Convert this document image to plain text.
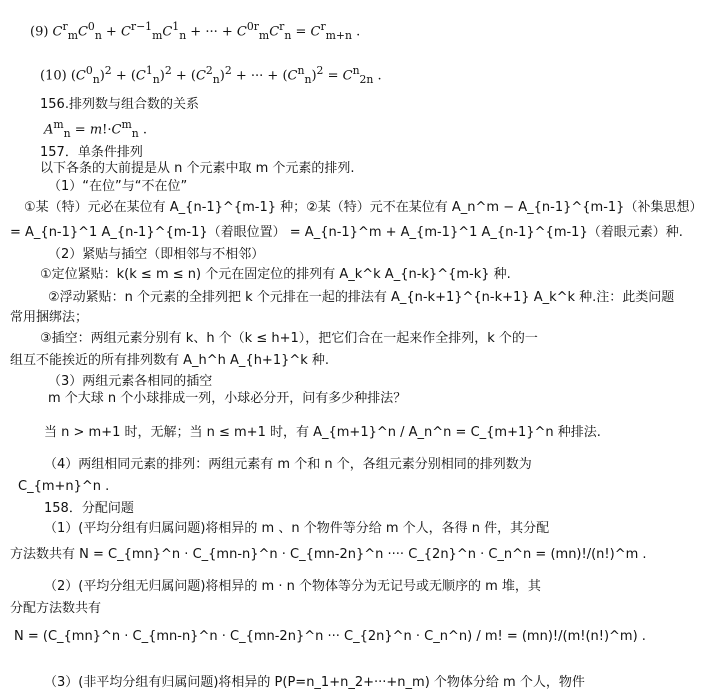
(9) $C^r_mC^0_n + C^{r-1}_mC^1_n$ + ··· + $C^{0r}_mC^r_n = C^r_{m+n}$ .
(10) $(C^0_n)^2 + (C^1_n)^2 + (C^2_n)^2$ + ··· + $(C^n_n)^2 = C^n_{2n}$ .
156.排列数与组合数的关系
$A^m_n = m!\cdot C^m_n$ .
157．单条件排列
以下各条的大前提是从 n 个元素中取 m 个元素的排列.
（1）“在位”与“不在位”
①某（特）元必在某位有 A_{n-1}^{m-1} 种；②某（特）元不在某位有 A_n^m − A_{n-1}^{m-1}（补集思想）
= A_{n-1}^1 A_{n-1}^{m-1}（着眼位置） = A_{n-1}^m + A_{m-1}^1 A_{n-1}^{m-1}（着眼元素）种.
（2）紧贴与插空（即相邻与不相邻）
①定位紧贴：k(k ≤ m ≤ n) 个元在固定位的排列有 A_k^k A_{n-k}^{m-k} 种.
②浮动紧贴：n 个元素的全排列把 k 个元排在一起的排法有 A_{n-k+1}^{n-k+1} A_k^k 种.注：此类问题
常用捆绑法；
③插空：两组元素分别有 k、h 个（k ≤ h+1），把它们合在一起来作全排列，k 个的一
组互不能挨近的所有排列数有 A_h^h A_{h+1}^k 种.
（3）两组元素各相同的插空
m 个大球 n 个小球排成一列，小球必分开，问有多少种排法？
当 n > m+1 时，无解；当 n ≤ m+1 时，有 A_{m+1}^n / A_n^n = C_{m+1}^n 种排法.
（4）两组相同元素的排列：两组元素有 m 个和 n 个，各组元素分别相同的排列数为
C_{m+n}^n .
158．分配问题
（1）(平均分组有归属问题)将相异的 m 、n 个物件等分给 m 个人，各得 n 件，其分配
方法数共有 N = C_{mn}^n · C_{mn-n}^n · C_{mn-2n}^n ···· C_{2n}^n · C_n^n = (mn)!/(n!)^m .
（2）(平均分组无归属问题)将相异的 m · n 个物体等分为无记号或无顺序的 m 堆，其
分配方法数共有
N = (C_{mn}^n · C_{mn-n}^n · C_{mn-2n}^n ··· C_{2n}^n · C_n^n) / m! = (mn)!/(m!(n!)^m) .
（3）(非平均分组有归属问题)将相异的 P(P=n_1+n_2+···+n_m) 个物体分给 m 个人，物件
